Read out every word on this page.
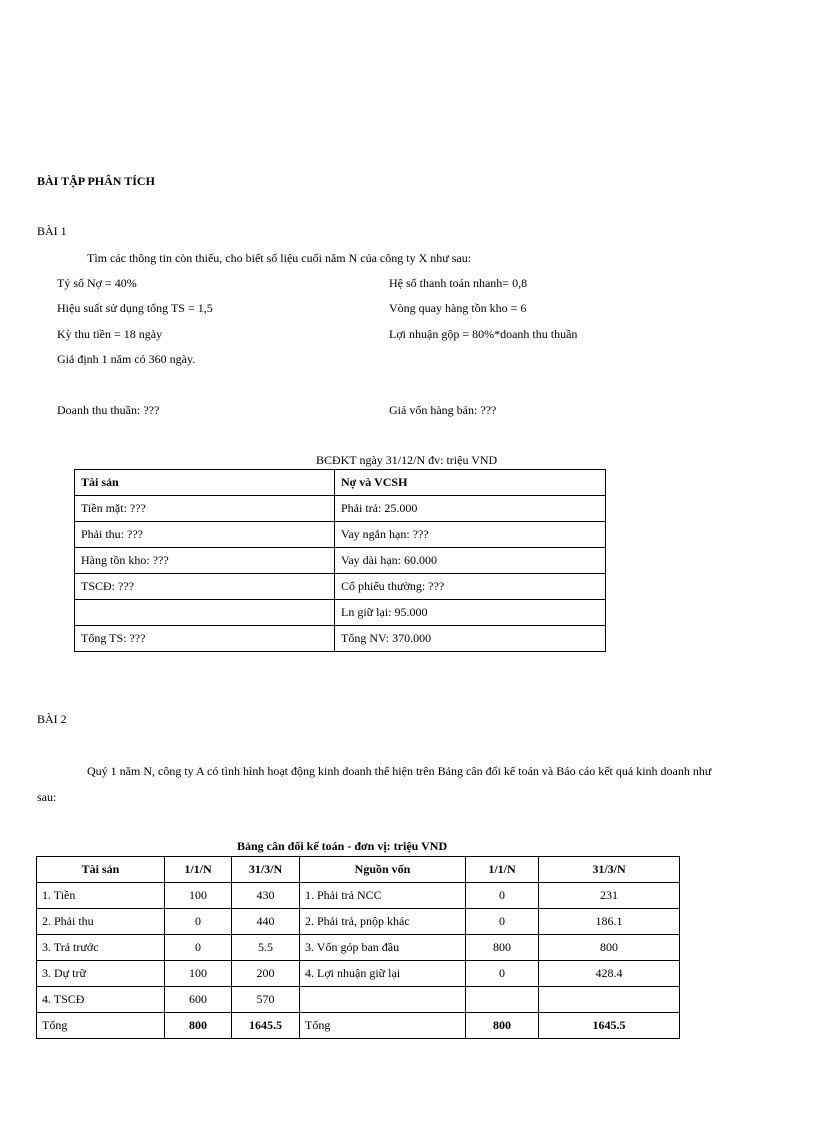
BÀI TẬP PHÂN TÍCH
BÀI 1
Tìm các thông tin còn thiếu, cho biết số liệu cuối năm N của công ty X như sau:
Tỷ số Nợ = 40%	Hệ số thanh toán nhanh= 0,8
Hiệu suất sử dụng tổng TS = 1,5	Vòng quay hàng tồn kho = 6
Kỳ thu tiền = 18 ngày	Lợi nhuận gộp = 80%*doanh thu thuần
Giả định 1 năm có 360 ngày.
Doanh thu thuần: ???	Giá vốn hàng bán: ???
BCĐKT ngày 31/12/N đv: triệu VND
Tài sản	Nợ và VCSH
Tiền mặt: ???	Phải trả: 25.000
Phải thu: ???	Vay ngắn hạn: ???
Hàng tồn kho: ???	Vay dài hạn: 60.000
TSCĐ: ???	Cổ phiếu thường: ???
	Ln giữ lại: 95.000
Tổng TS: ???	Tổng NV: 370.000
BÀI 2
Quý 1 năm N, công ty A có tình hình hoạt động kinh doanh thể hiện trên Bảng cân đối kế toán và Báo cáo kết quả kinh doanh như
sau:
Bảng cân đối kế toán - đơn vị: triệu VND
Tài sản	1/1/N	31/3/N	Nguồn vốn	1/1/N	31/3/N
1. Tiền	100	430	1. Phải trả NCC	0	231
2. Phải thu	0	440	2. Phải trả, pnộp khác	0	186.1
3. Trả trước	0	5.5	3. Vốn góp ban đầu	800	800
3. Dự trữ	100	200	4. Lợi nhuận giữ lại	0	428.4
4. TSCĐ	600	570			
Tổng	800	1645.5	Tổng	800	1645.5
